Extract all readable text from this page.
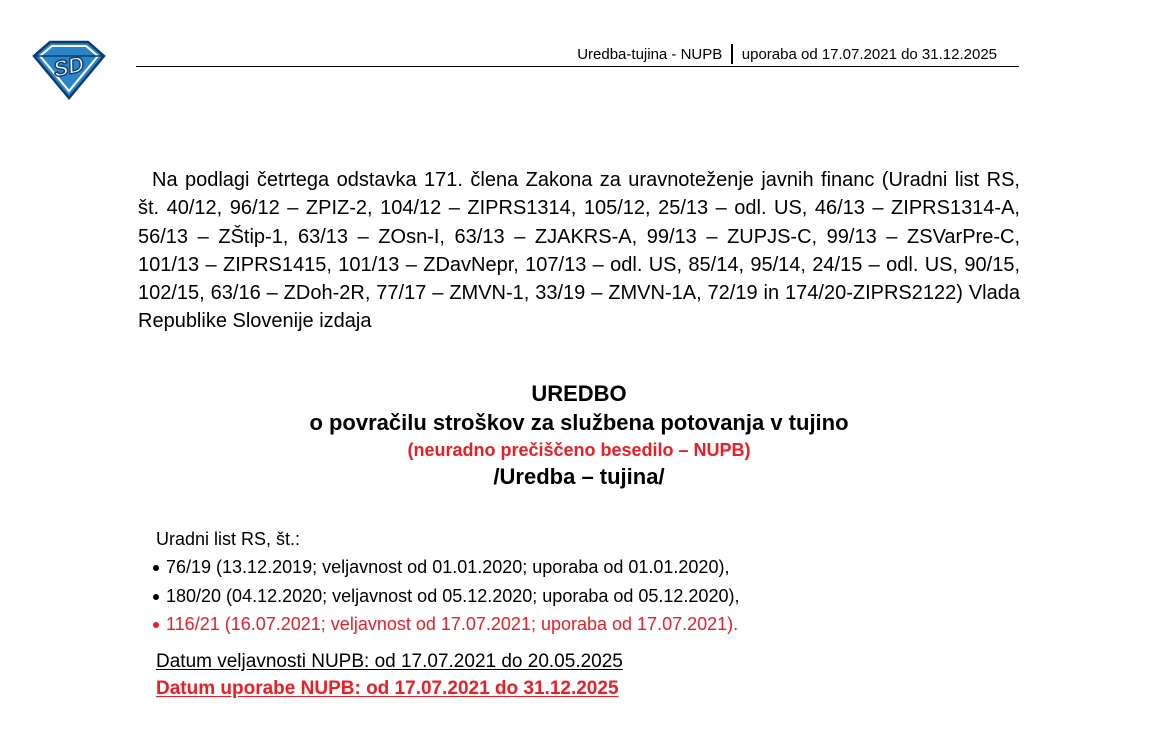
SD	Uredba-tujina - NUPB uporaba od 17.07.2021 do 31.12.2025

Na podlagi četrtega odstavka 171. člena Zakona za uravnoteženje javnih financ (Uradni list RS, št. 40/12, 96/12 – ZPIZ-2, 104/12 – ZIPRS1314, 105/12, 25/13 – odl. US, 46/13 – ZIPRS1314-A, 56/13 – ZŠtip-1, 63/13 – ZOsn-I, 63/13 – ZJAKRS-A, 99/13 – ZUPJS-C, 99/13 – ZSVarPre-C, 101/13 – ZIPRS1415, 101/13 – ZDavNepr, 107/13 – odl. US, 85/14, 95/14, 24/15 – odl. US, 90/15, 102/15, 63/16 – ZDoh-2R, 77/17 – ZMVN-1, 33/19 – ZMVN-1A, 72/19 in 174/20-ZIPRS2122) Vlada Republike Slovenije izdaja

UREDBO
o povračilu stroškov za službena potovanja v tujino
(neuradno prečiščeno besedilo – NUPB)
/Uredba – tujina/
Uradni list RS, št.:
76/19 (13.12.2019; veljavnost od 01.01.2020; uporaba od 01.01.2020),
180/20 (04.12.2020; veljavnost od 05.12.2020; uporaba od 05.12.2020),
116/21 (16.07.2021; veljavnost od 17.07.2021; uporaba od 17.07.2021).
Datum veljavnosti NUPB: od 17.07.2021 do 20.05.2025
Datum uporabe NUPB: od 17.07.2021 do 31.12.2025
